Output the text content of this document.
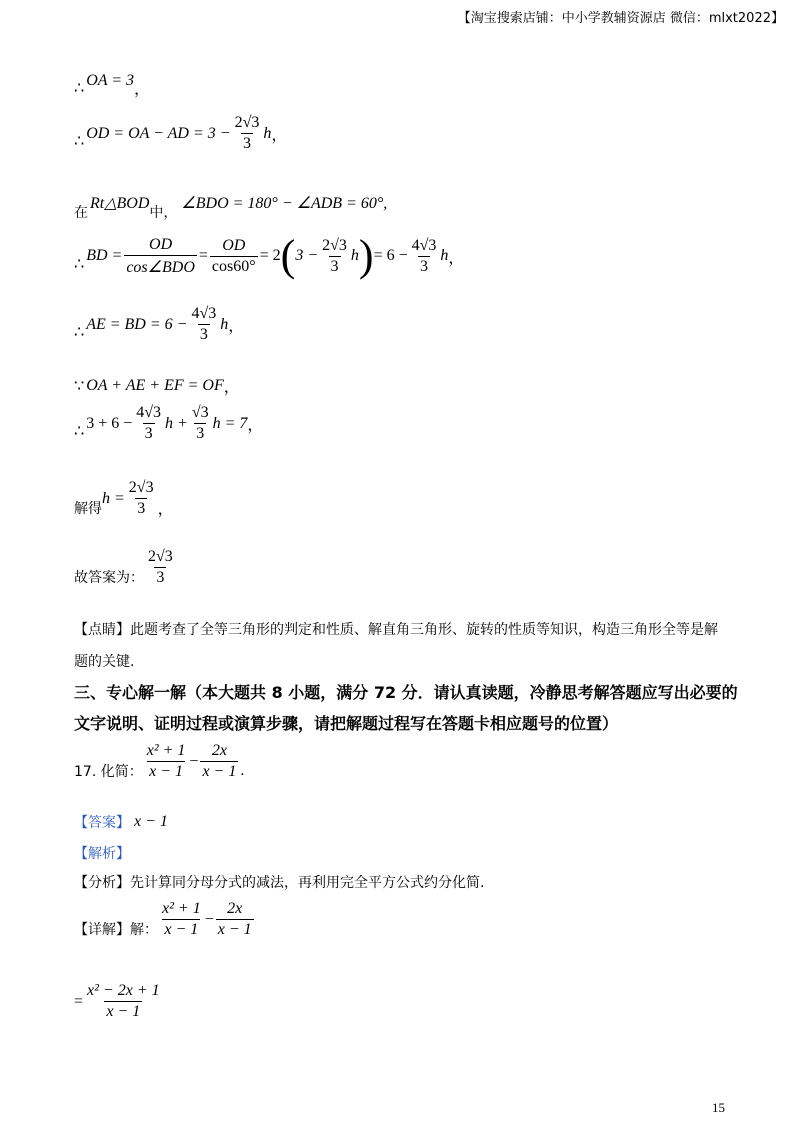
【淘宝搜索店铺：中小学教辅资源店 微信：mlxt2022】
∴ OA = 3
，
∴ OD = OA − AD = $3 - \frac{2√3}{3}$ h ，
在
Rt△BOD
中，
∠BDO = 180° − ∠ADB = 60°,
∴ BD = $\frac{OD}{\text{cos∠BDO}} = \frac{OD}{\cos 60^\circ} = 2$ ( $3 - \frac{2√3}{3}$ h ) = $6 - \frac{4√3}{3}$ h ，
∴ AE = BD = $6 - \frac{4√3}{3}$ h ，
∵ OA + AE + EF = OF ，
∴ $3 + 6 - \frac{4√3}{3}$ $h + \frac{√3}{3}$ h = 7 ，
解得
$h = \frac{2√3}{3}$ ，
故答案为： $\frac{2√3}{3}$
【点睛】此题考查了全等三角形的判定和性质、解直角三角形、旋转的性质等知识，构造三角形全等是解
题的关键.
三、专心解一解（本大题共 8 小题，满分 72 分．请认真读题，冷静思考解答题应写出必要的
文字说明、证明过程或演算步骤，请把解题过程写在答题卡相应题号的位置）
17. 化简： $\frac{\text{x² + 1}}{x - 1} - \frac{2x}{x - 1}$ .
【答案】 x − 1
【解析】
【分析】先计算同分母分式的减法，再利用完全平方公式约分化简.
【详解】解： $\frac{\text{x² + 1}}{x - 1} - \frac{2x}{x - 1}$
= $\frac{\text{x² − 2x + 1}}{x - 1}$
15
